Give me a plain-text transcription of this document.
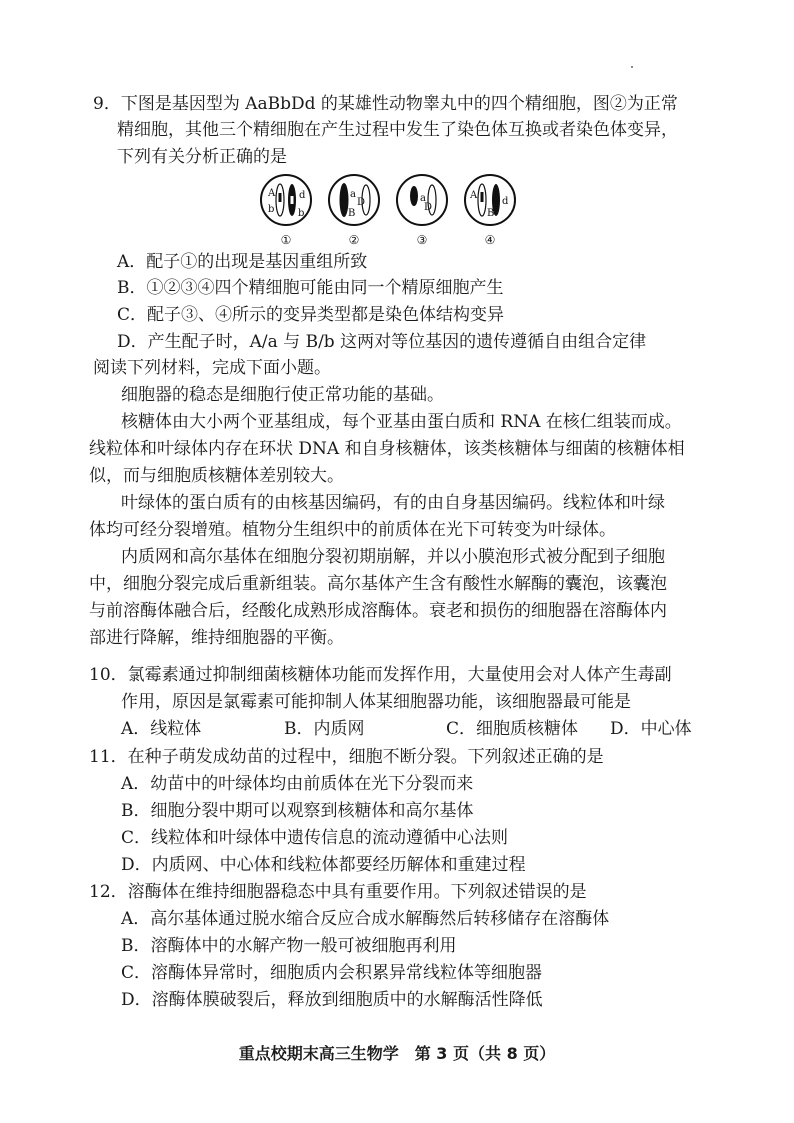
9．下图是基因型为 AaBbDd 的某雄性动物睾丸中的四个精细胞，图②为正常
精细胞，其他三个精细胞在产生过程中发生了染色体互换或者染色体变异，
下列有关分析正确的是
A
b
d
b
①
a
D
B
②
a
D
③
A
B
d
④
A．配子①的出现是基因重组所致
B．①②③④四个精细胞可能由同一个精原细胞产生
C．配子③、④所示的变异类型都是染色体结构变异
D．产生配子时，A/a 与 B/b 这两对等位基因的遗传遵循自由组合定律
阅读下列材料，完成下面小题。
细胞器的稳态是细胞行使正常功能的基础。
核糖体由大小两个亚基组成，每个亚基由蛋白质和 RNA 在核仁组装而成。
线粒体和叶绿体内存在环状 DNA 和自身核糖体，该类核糖体与细菌的核糖体相
似，而与细胞质核糖体差别较大。
叶绿体的蛋白质有的由核基因编码，有的由自身基因编码。线粒体和叶绿
体均可经分裂增殖。植物分生组织中的前质体在光下可转变为叶绿体。
内质网和高尔基体在细胞分裂初期崩解，并以小膜泡形式被分配到子细胞
中，细胞分裂完成后重新组装。高尔基体产生含有酸性水解酶的囊泡，该囊泡
与前溶酶体融合后，经酸化成熟形成溶酶体。衰老和损伤的细胞器在溶酶体内
部进行降解，维持细胞器的平衡。
10．氯霉素通过抑制细菌核糖体功能而发挥作用，大量使用会对人体产生毒副
作用，原因是氯霉素可能抑制人体某细胞器功能，该细胞器最可能是
A．线粒体	B．内质网	C．细胞质核糖体 D．中心体
11．在种子萌发成幼苗的过程中，细胞不断分裂。下列叙述正确的是
A．幼苗中的叶绿体均由前质体在光下分裂而来
B．细胞分裂中期可以观察到核糖体和高尔基体
C．线粒体和叶绿体中遗传信息的流动遵循中心法则
D．内质网、中心体和线粒体都要经历解体和重建过程
12．溶酶体在维持细胞器稳态中具有重要作用。下列叙述错误的是
A．高尔基体通过脱水缩合反应合成水解酶然后转移储存在溶酶体
B．溶酶体中的水解产物一般可被细胞再利用
C．溶酶体异常时，细胞质内会积累异常线粒体等细胞器
D．溶酶体膜破裂后，释放到细胞质中的水解酶活性降低
重点校期末高三生物学　第 3 页（共 8 页）
